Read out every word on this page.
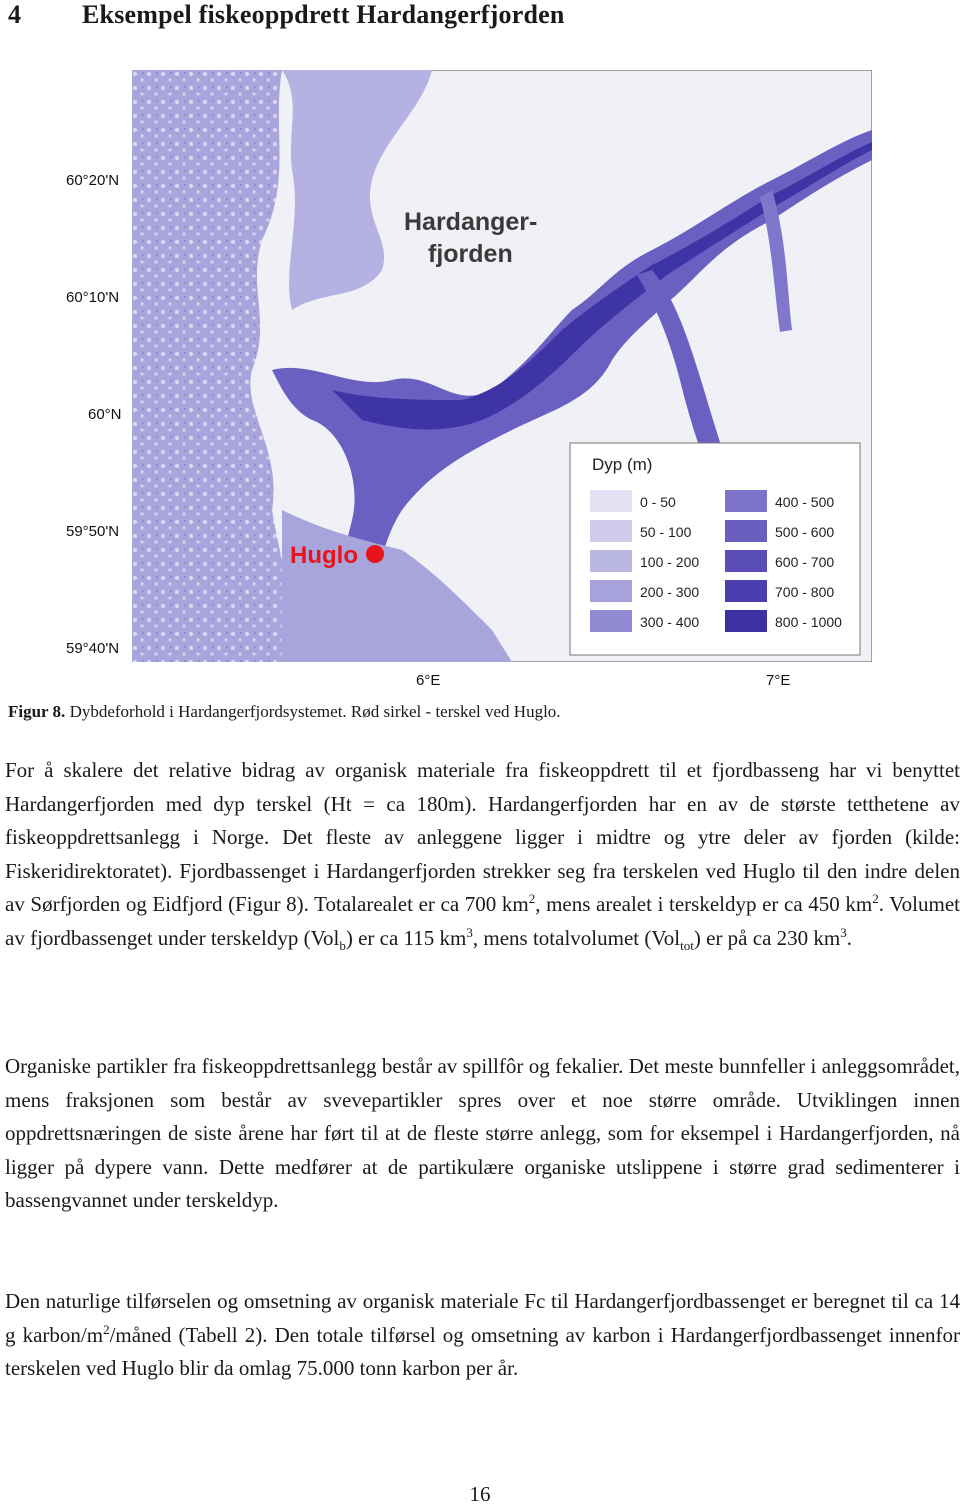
4 Eksempel fiskeoppdrett Hardangerfjorden
Huglo
Hardanger-
fjorden
Dyp (m)
0 - 50
50 - 100
100 - 200
200 - 300
300 - 400
400 - 500
500 - 600
600 - 700
700 - 800
800 - 1000
60°20'N
60°10'N
60°N
59°50'N
59°40'N
6°E	7°E
Figur 8. Dybdeforhold i Hardangerfjordsystemet. Rød sirkel - terskel ved Huglo.

For å skalere det relative bidrag av organisk materiale fra fiskeoppdrett til et fjordbasseng har vi benyttet Hardangerfjorden med dyp terskel (Ht = ca 180m). Hardangerfjorden har en av de største tetthetene av fiskeoppdrettsanlegg i Norge. Det fleste av anleggene ligger i midtre og ytre deler av fjorden (kilde: Fiskeridirektoratet). Fjordbassenget i Hardangerfjorden strekker seg fra terskelen ved Huglo til den indre delen av Sørfjorden og Eidfjord (Figur 8). Totalarealet er ca 700 $km^2$, mens arealet i terskeldyp er ca 450 $km^2$. Volumet av fjordbassenget under terskeldyp (Vol$_b$) er ca 115 $km^3$, mens totalvolumet (Vol$_{tot}$) er på ca 230 $km^3$.

Organiske partikler fra fiskeoppdrettsanlegg består av spillfôr og fekalier. Det meste bunnfeller i anleggsområdet, mens fraksjonen som består av svevepartikler spres over et noe større område. Utviklingen innen oppdrettsnæringen de siste årene har ført til at de fleste større anlegg, som for eksempel i Hardangerfjorden, nå ligger på dypere vann. Dette medfører at de partikulære organiske utslippene i større grad sedimenterer i bassengvannet under terskeldyp.

Den naturlige tilførselen og omsetning av organisk materiale Fc til Hardangerfjordbassenget er beregnet til ca 14 g karbon/$m^2$/måned (Tabell 2). Den totale tilførsel og omsetning av karbon i Hardangerfjordbassenget innenfor terskelen ved Huglo blir da omlag 75.000 tonn karbon per år.

16
